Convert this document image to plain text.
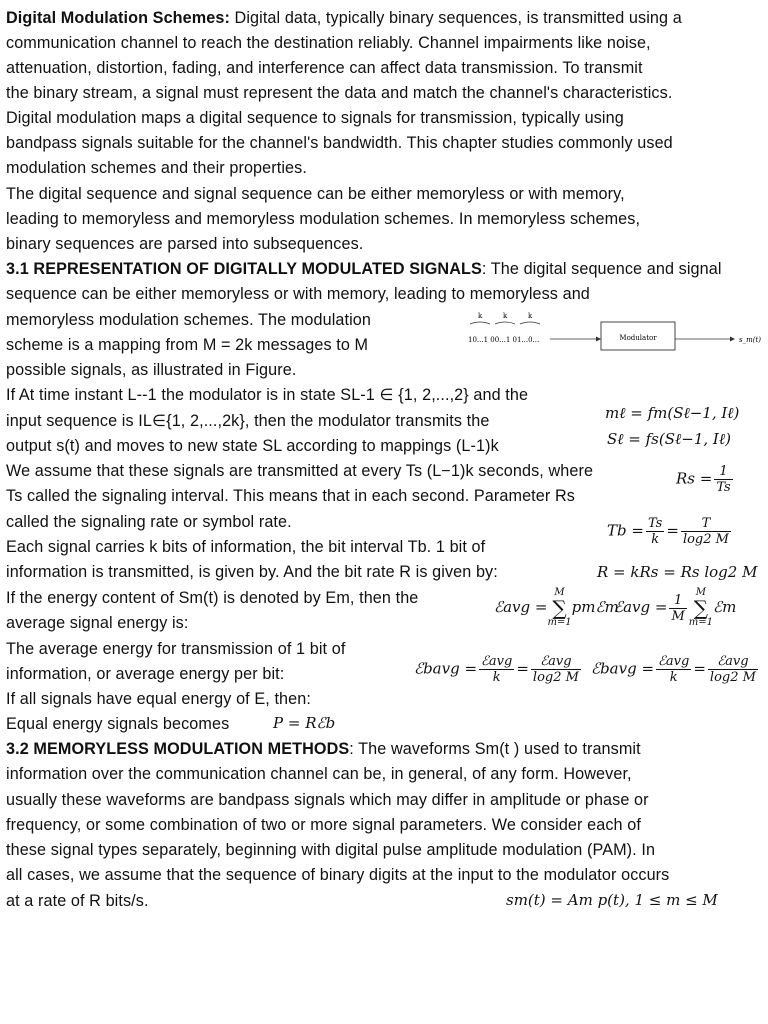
Digital Modulation Schemes: Digital data, typically binary sequences, is transmitted using a
communication channel to reach the destination reliably. Channel impairments like noise,
attenuation, distortion, fading, and interference can affect data transmission. To transmit
the binary stream, a signal must represent the data and match the channel's characteristics.
Digital modulation maps a digital sequence to signals for transmission, typically using
bandpass signals suitable for the channel's bandwidth. This chapter studies commonly used
modulation schemes and their properties.
The digital sequence and signal sequence can be either memoryless or with memory,
leading to memoryless and memoryless modulation schemes. In memoryless schemes,
binary sequences are parsed into subsequences.
3.1 REPRESENTATION OF DIGITALLY MODULATED SIGNALS: The digital sequence and signal
sequence can be either memoryless or with memory, leading to memoryless and
memoryless modulation schemes. The modulation
scheme is a mapping from M = 2k messages to M
possible signals, as illustrated in Figure.
k	k	k
10...1 00...1 01...0...	Modulator	s_m(t)
If At time instant L--1 the modulator is in state SL-1 ∈ {1, 2,...,2} and the
input sequence is IL∈{1, 2,...,2k}, then the modulator transmits the
output s(t) and moves to new state SL according to mappings (L-1)k
We assume that these signals are transmitted at every Ts (L−1)k seconds, where
Ts called the signaling interval. This means that in each second. Parameter Rs
called the signaling rate or symbol rate.
Each signal carries k bits of information, the bit interval Tb. 1 bit of
information is transmitted, is given by. And the bit rate R is given by:
If the energy content of Sm(t) is denoted by Em, then the
average signal energy is:
The average energy for transmission of 1 bit of
information, or average energy per bit:
If all signals have equal energy of E, then:
Equal energy signals becomes
3.2 MEMORYLESS MODULATION METHODS: The waveforms Sm(t ) used to transmit
information over the communication channel can be, in general, of any form. However,
usually these waveforms are bandpass signals which may differ in amplitude or phase or
frequency, or some combination of two or more signal parameters. We consider each of
these signal types separately, beginning with digital pulse amplitude modulation (PAM). In
all cases, we assume that the sequence of binary digits at the input to the modulator occurs
at a rate of R bits/s.
mℓ = fm(Sℓ−1, Iℓ)
Sℓ = fs(Sℓ−1, Iℓ)
$Rs = \frac{1}{Ts}$
$Tb = \frac{Ts}{k} = \frac{T}{\log 2 M}$
R = kRs = Rs log2 M
ℰavg =M
∑
m=1pmℰm
ℰavg = $\frac{1}{M}$ M
∑
m=1ℰm
ℰbavg = $\frac{\text{ℰavg}}{k} = \frac{\text{ℰavg}}{\log 2 M}$ ℰbavg = $\frac{\text{ℰavg}}{k} = \frac{\text{ℰavg}}{\log 2 M}$
P = Rℰb
sm(t) = Am p(t), 1 ≤ m ≤ M
